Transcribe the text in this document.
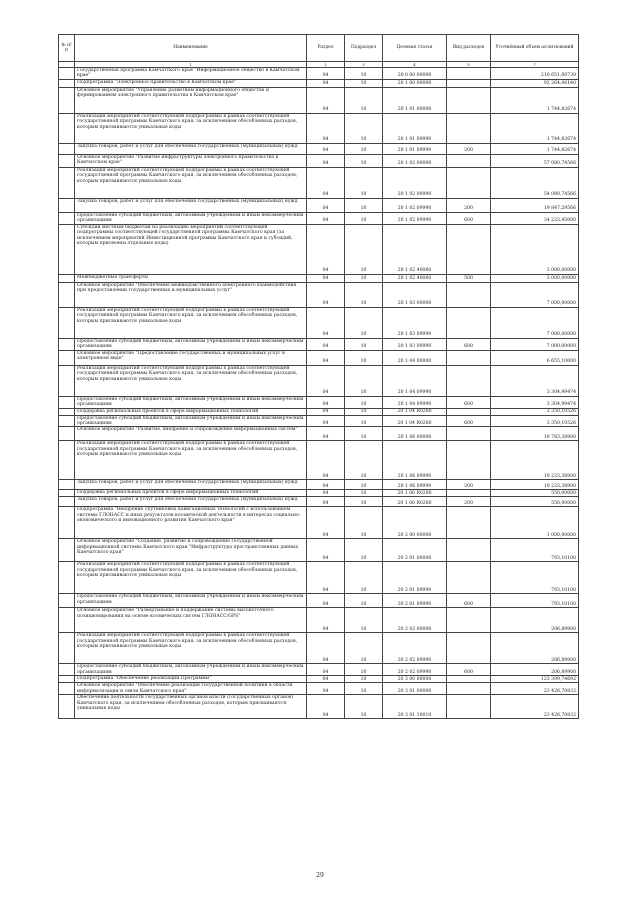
№ п/п	Наименование	Раздел	Подраздел	Целевая статья	Вид расходов	Уточнённый объем ассигнований
	1	2	3	4	5	7
	Государственная программа Камчатского края "Информационное общество в Камчатском крае"	04	10	20 0 00 00000		210 651,60730
	Подпрограмма "Электронное правительство в Камчатском крае"	04	10	20 1 00 00000		92 264,06140
	Основное мероприятие "Управление развитием информационного общества и формированием электронного правительства в Камчатском крае"	04	10	20 1 01 00000		1 744,82674
	Реализация мероприятий соответствующей подпрограммы в рамках соответствующей государственной программы Камчатского края, за исключением обособленных расходов, которым присваиваются уникальные коды	04	10	20 1 01 09990		1 744,82674
	Закупка товаров, работ и услуг для обеспечения государственных (муниципальных) нужд	04	10	20 1 01 09990	200	1 744,82674
	Основное мероприятие "Развитие инфраструктуры электронного правительства в Камчатском крае"	04	10	20 1 02 00000		57 080,74566
	Реализация мероприятий соответствующей подпрограммы в рамках соответствующей государственной программы Камчатского края, за исключением обособленных расходов, которым присваиваются уникальные коды	04	10	20 1 02 09990		54 080,74566
	Закупка товаров, работ и услуг для обеспечения государственных (муниципальных) нужд	04	10	20 1 02 09990	200	19 847,29566
	Предоставление субсидий бюджетным, автономным учреждениям и иным некоммерческим организациям	04	10	20 1 02 09990	600	34 233,45000
	Субсидии местным бюджетам на реализацию мероприятий соответствующей подпрограммы соответствующей государственной программы Камчатского края (за исключением мероприятий Инвестиционной программы Камчатского края и субсидий, которым присвоены отдельные коды)	04	10	20 1 02 40060		3 000,00000
	Межбюджетные трансферты	04	10	20 1 02 40060	500	3 000,00000
	Основное мероприятие "Обеспечение межведомственного электронного взаимодействия при предоставлении государственных и муниципальных услуг"	04	10	20 1 03 00000		7 000,00000
	Реализация мероприятий соответствующей подпрограммы в рамках соответствующей государственной программы Камчатского края, за исключением обособленных расходов, которым присваиваются уникальные коды	04	10	20 1 03 09990		7 000,00000
	Предоставление субсидий бюджетным, автономным учреждениям и иным некоммерческим организациям	04	10	20 1 03 09990	600	7 000,00000
	Основное мероприятие "Предоставление государственных и муниципальных услуг в электронном виде"	04	10	20 1 04 00000		6 655,10000
	Реализация мероприятий соответствующей подпрограммы в рамках соответствующей государственной программы Камчатского края, за исключением обособленных расходов, которым присваиваются уникальные коды	04	10	20 1 04 09990		3 304,99474
	Предоставление субсидий бюджетным, автономным учреждениям и иным некоммерческим организациям	04	10	20 1 04 09990	600	3 304,99474
	Поддержка региональных проектов в сфере информационных технологий	04	10	20 1 04 R0280		3 350,10526
	Предоставление субсидий бюджетным, автономным учреждениям и иным некоммерческим организациям	04	10	20 1 04 R0280	600	3 350,10526
	Основное мероприятие "Развитие, внедрение и сопровождение информационных систем"	04	10	20 1 06 00000		19 783,38900
	Реализация мероприятий соответствующей подпрограммы в рамках соответствующей государственной программы Камчатского края, за исключением обособленных расходов, которым присваиваются уникальные коды	04	10	20 1 06 09990		19 233,38900
	Закупка товаров, работ и услуг для обеспечения государственных (муниципальных) нужд	04	10	20 1 06 09990	200	19 233,38900
	Поддержка региональных проектов в сфере информационных технологий	04	10	20 1 06 R0280		550,00000
	Закупка товаров, работ и услуг для обеспечения государственных (муниципальных) нужд	04	10	20 1 06 R0280	200	550,00000
	Подпрограмма "Внедрение спутниковых навигационных технологий с использованием системы ГЛОНАСС и иных результатов космической деятельности в интересах социально-экономического и инновационного развития Камчатского края"	04	10	20 2 00 00000		1 000,00000
	Основное мероприятие "Создание, развитие и сопровождение государственной информационной системы Камчатского края "Инфраструктура пространственных данных Камчатского края"	04	10	20 2 01 00000		793,10100
	Реализация мероприятий соответствующей подпрограммы в рамках соответствующей государственной программы Камчатского края, за исключением обособленных расходов, которым присваиваются уникальные коды	04	10	20 2 01 09990		793,10100
	Предоставление субсидий бюджетным, автономным учреждениям и иным некоммерческим организациям	04	10	20 2 01 09990	600	793,10100
	Основное мероприятие "Развертывание и поддержание системы высокоточного позиционирования на основе космических систем ГЛОНАСС/GPS"	04	10	20 2 02 00000		206,89900
	Реализация мероприятий соответствующей подпрограммы в рамках соответствующей государственной программы Камчатского края, за исключением обособленных расходов, которым присваиваются уникальные коды	04	10	20 2 02 09990		206,89900
	Предоставление субсидий бюджетным, автономным учреждениям и иным некоммерческим организациям	04	10	20 2 02 09990	600	206,89900
	Подпрограмма "Обеспечение реализации Программы"	04	10	20 3 00 00000		123 399,74692
	Основное мероприятие "Обеспечение реализации государственной политики в области информатизации и связи Камчатского края"	04	10	20 3 01 00000		23 426,70832
	Обеспечение деятельности государственных органов власти (государственных органов) Камчатского края, за исключением обособленных расходов, которым присваиваются уникальные коды	04	10	20 3 01 10010		23 426,70832
29
